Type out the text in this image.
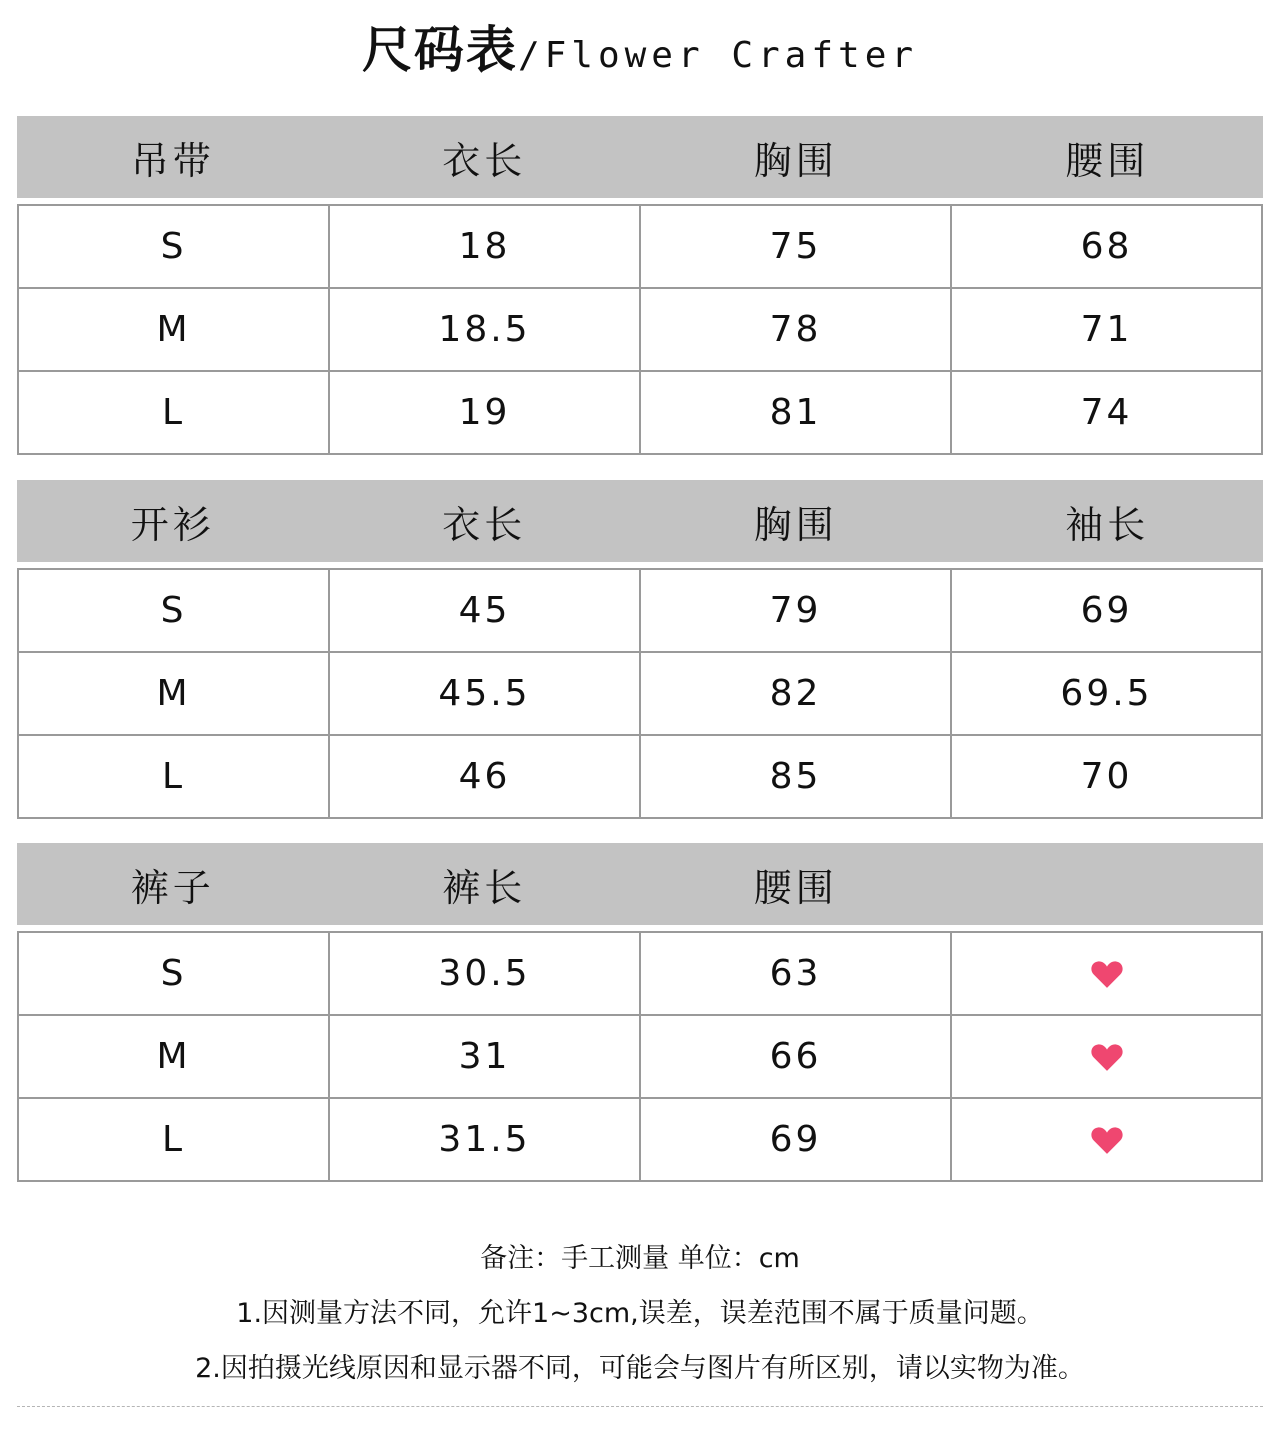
尺码表/Flower Crafter
吊带	衣长	胸围	腰围
S	18	75	68
M	18.5	78	71
L	19	81	74
开衫	衣长	胸围	袖长
S	45	79	69
M	45.5	82	69.5
L	46	85	70
裤子	裤长	腰围
S	30.5	63
M	31	66
L	31.5	69
备注：手工测量 单位：cm
1.因测量方法不同，允许1~3cm,误差，误差范围不属于质量问题。
2.因拍摄光线原因和显示器不同，可能会与图片有所区别，请以实物为准。
